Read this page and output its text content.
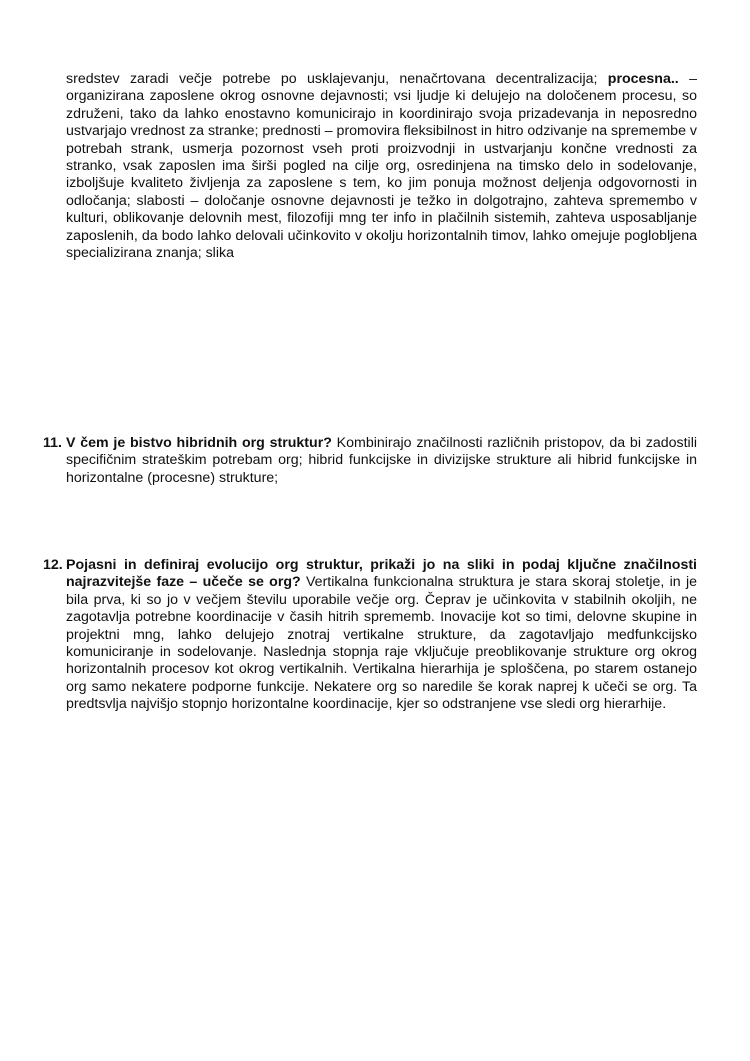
sredstev zaradi večje potrebe po usklajevanju, nenačrtovana decentralizacija; procesna.. – organizirana zaposlene okrog osnovne dejavnosti; vsi ljudje ki delujejo na določenem procesu, so združeni, tako da lahko enostavno komunicirajo in koordinirajo svoja prizadevanja in neposredno ustvarjajo vrednost za stranke; prednosti – promovira fleksibilnost in hitro odzivanje na spremembe v potrebah strank, usmerja pozornost vseh proti proizvodnji in ustvarjanju končne vrednosti za stranko, vsak zaposlen ima širši pogled na cilje org, osredinjena na timsko delo in sodelovanje, izboljšuje kvaliteto življenja za zaposlene s tem, ko jim ponuja možnost deljenja odgovornosti in odločanja; slabosti – določanje osnovne dejavnosti je težko in dolgotrajno, zahteva spremembo v kulturi, oblikovanje delovnih mest, filozofiji mng ter info in plačilnih sistemih, zahteva usposabljanje zaposlenih, da bodo lahko delovali učinkovito v okolju horizontalnih timov, lahko omejuje poglobljena specializirana znanja; slika

11. V čem je bistvo hibridnih org struktur? Kombinirajo značilnosti različnih pristopov, da bi zadostili specifičnim strateškim potrebam org; hibrid funkcijske in divizijske strukture ali hibrid funkcijske in horizontalne (procesne) strukture;
12. Pojasni in definiraj evolucijo org struktur, prikaži jo na sliki in podaj ključne značilnosti najrazvitejše faze – učeče se org? Vertikalna funkcionalna struktura je stara skoraj stoletje, in je bila prva, ki so jo v večjem številu uporabile večje org. Čeprav je učinkovita v stabilnih okoljih, ne zagotavlja potrebne koordinacije v časih hitrih sprememb. Inovacije kot so timi, delovne skupine in projektni mng, lahko delujejo znotraj vertikalne strukture, da zagotavljajo medfunkcijsko komuniciranje in sodelovanje. Naslednja stopnja raje vključuje preoblikovanje strukture org okrog horizontalnih procesov kot okrog vertikalnih. Vertikalna hierarhija je sploščena, po starem ostanejo org samo nekatere podporne funkcije. Nekatere org so naredile še korak naprej k učeči se org. Ta predtsvlja najvišjo stopnjo horizontalne koordinacije, kjer so odstranjene vse sledi org hierarhije.
